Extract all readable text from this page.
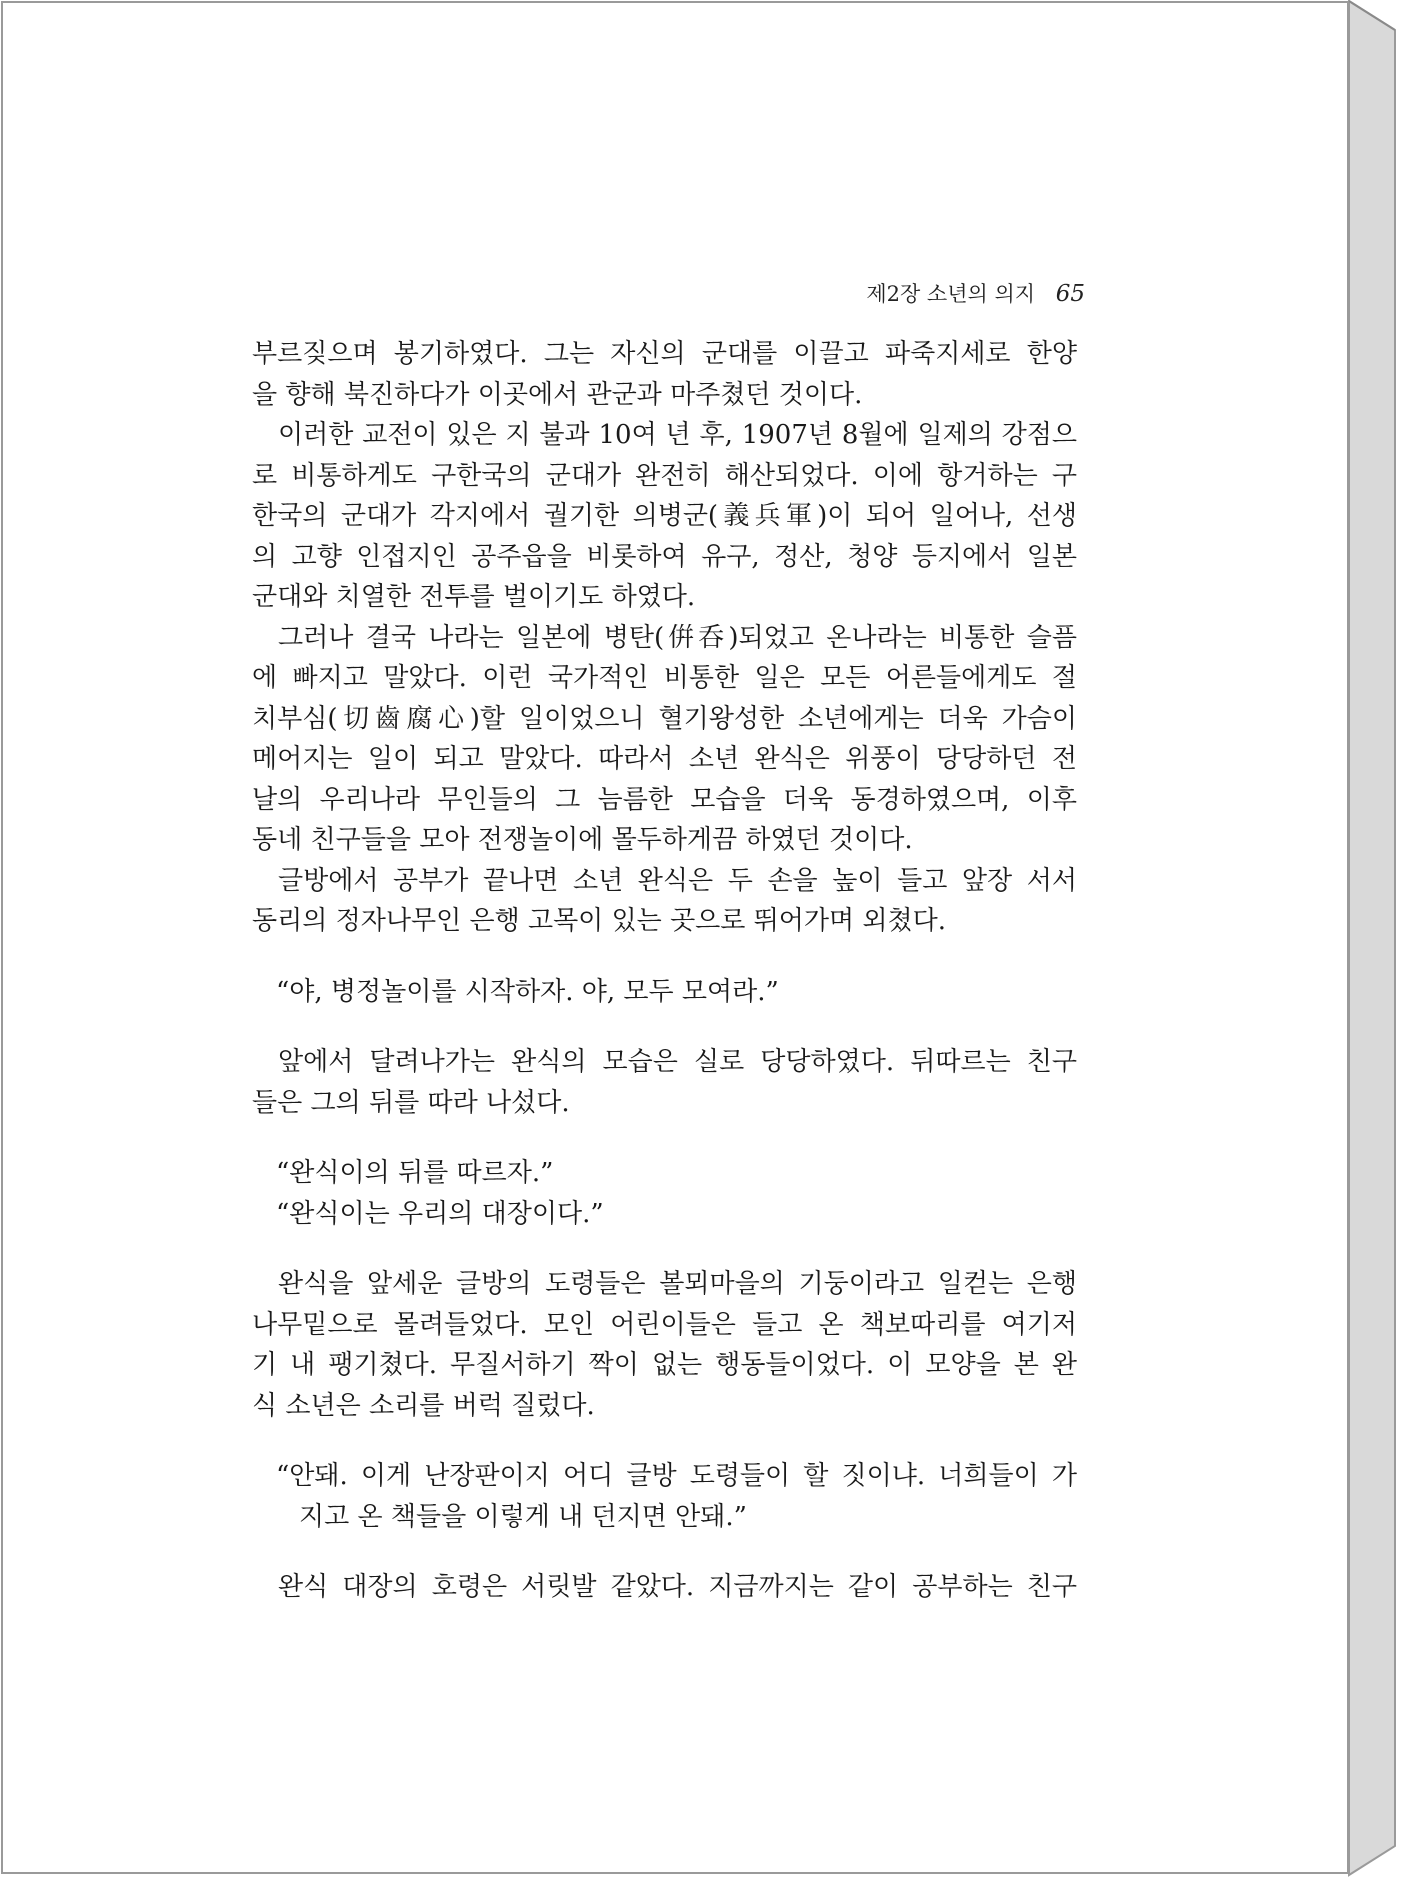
제2장 소년의 의지 65
부르짖으며 봉기하였다. 그는 자신의 군대를 이끌고 파죽지세로 한양
을 향해 북진하다가 이곳에서 관군과 마주쳤던 것이다.
이러한 교전이 있은 지 불과 10여 년 후, 1907년 8월에 일제의 강점으
로 비통하게도 구한국의 군대가 완전히 해산되었다. 이에 항거하는 구
한국의 군대가 각지에서 궐기한 의병군(義兵軍)이 되어 일어나, 선생
의 고향 인접지인 공주읍을 비롯하여 유구, 정산, 청양 등지에서 일본
군대와 치열한 전투를 벌이기도 하였다.
그러나 결국 나라는 일본에 병탄(倂呑)되었고 온나라는 비통한 슬픔
에 빠지고 말았다. 이런 국가적인 비통한 일은 모든 어른들에게도 절
치부심(切齒腐心)할 일이었으니 혈기왕성한 소년에게는 더욱 가슴이
메어지는 일이 되고 말았다. 따라서 소년 완식은 위풍이 당당하던 전
날의 우리나라 무인들의 그 늠름한 모습을 더욱 동경하였으며, 이후
동네 친구들을 모아 전쟁놀이에 몰두하게끔 하였던 것이다.
글방에서 공부가 끝나면 소년 완식은 두 손을 높이 들고 앞장 서서
동리의 정자나무인 은행 고목이 있는 곳으로 뛰어가며 외쳤다.
“야, 병정놀이를 시작하자. 야, 모두 모여라.”
앞에서 달려나가는 완식의 모습은 실로 당당하였다. 뒤따르는 친구
들은 그의 뒤를 따라 나섰다.
“완식이의 뒤를 따르자.”
“완식이는 우리의 대장이다.”
완식을 앞세운 글방의 도령들은 볼뫼마을의 기둥이라고 일컫는 은행
나무밑으로 몰려들었다. 모인 어린이들은 들고 온 책보따리를 여기저
기 내 팽기쳤다. 무질서하기 짝이 없는 행동들이었다. 이 모양을 본 완
식 소년은 소리를 버럭 질렀다.
“안돼. 이게 난장판이지 어디 글방 도령들이 할 짓이냐. 너희들이 가
지고 온 책들을 이렇게 내 던지면 안돼.”
완식 대장의 호령은 서릿발 같았다. 지금까지는 같이 공부하는 친구
